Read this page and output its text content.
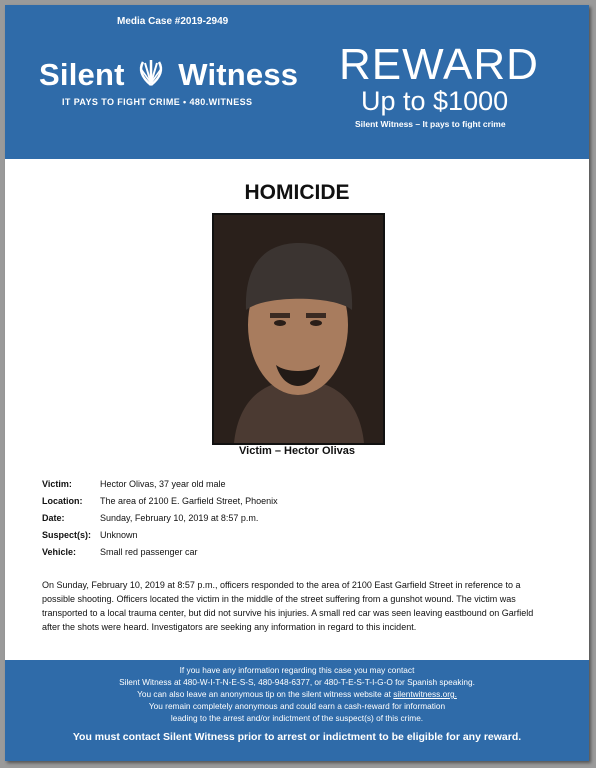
Media Case #2019-2949
Silent Witness
IT PAYS TO FIGHT CRIME • 480.WITNESS
REWARD
Up to $1000
Silent Witness – It pays to fight crime
HOMICIDE
Victim – Hector Olivas
Victim:	Hector Olivas, 37 year old male
Location:	The area of 2100 E. Garfield Street, Phoenix
Date:	Sunday, February 10, 2019 at 8:57 p.m.
Suspect(s): Unknown
Vehicle:	Small red passenger car
On Sunday, February 10, 2019 at 8:57 p.m., officers responded to the area of 2100 East Garfield Street in reference to a possible shooting. Officers located the victim in the middle of the street suffering from a gunshot wound. The victim was transported to a local trauma center, but did not survive his injuries. A small red car was seen leaving eastbound on Garfield after the shots were heard. Investigators are seeking any information in regard to this incident.
If you have any information regarding this case you may contact
Silent Witness at 480-W-I-T-N-E-S-S, 480-948-6377, or 480-T-E-S-T-I-G-O for Spanish speaking.
You can also leave an anonymous tip on the silent witness website at silentwitness.org.
You remain completely anonymous and could earn a cash-reward for information
leading to the arrest and/or indictment of the suspect(s) of this crime.
You must contact Silent Witness prior to arrest or indictment to be eligible for any reward.
